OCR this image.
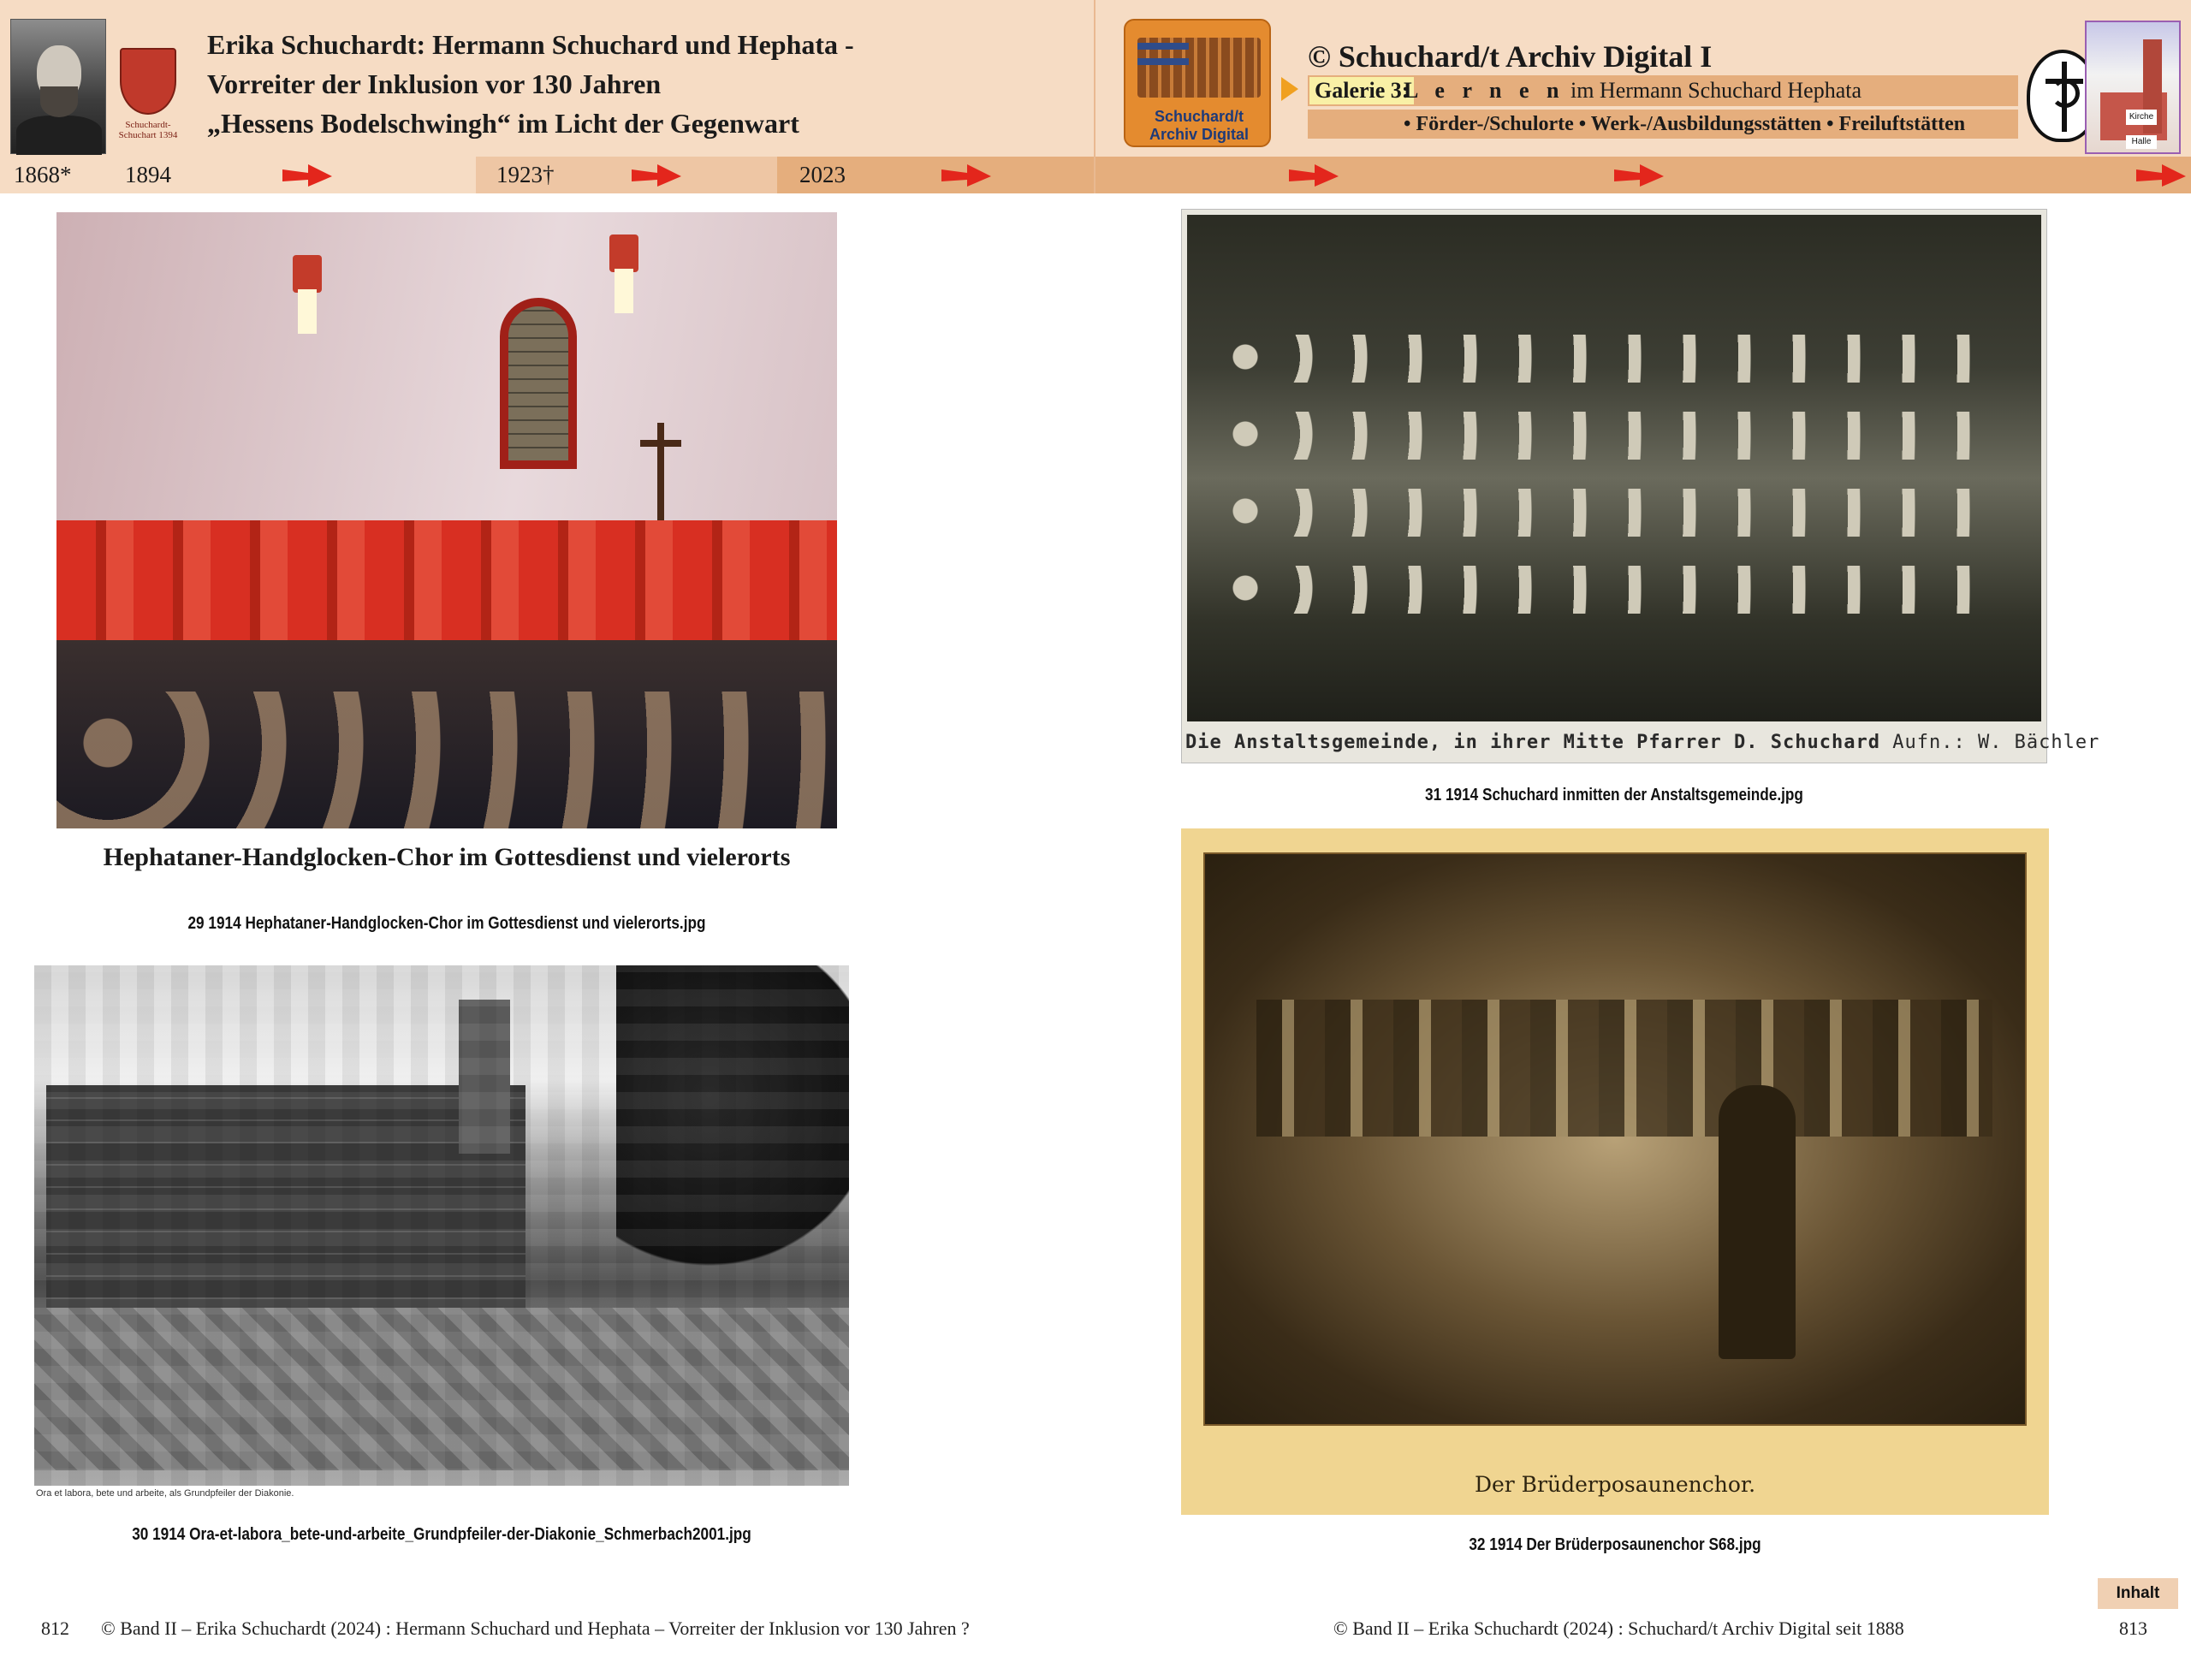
Schuchardt-Schuchart 1394
Erika Schuchardt: Hermann Schuchard und Hephata -
Vorreiter der Inklusion vor 130 Jahren
„Hessens Bodelschwingh“ im Licht der Gegenwart
1868* 1894	1923†	2023
Schuchard/t
Archiv Digital
© Schuchard/t Archiv Digital I
Galerie 3:
L e r n e n im Hermann Schuchard Hephata
• Förder-/Schulorte • Werk-/Ausbildungsstätten • Freiluftstätten	Kirche
Halle
Hephataner-Handglocken-Chor im Gottesdienst und vielerorts
29 1914 Hephataner-Handglocken-Chor im Gottesdienst und vielerorts.jpg
Ora et labora, bete und arbeite, als Grundpfeiler der Diakonie.
30 1914 Ora-et-labora_bete-und-arbeite_Grundpfeiler-der-Diakonie_Schmerbach2001.jpg
Die Anstaltsgemeinde, in ihrer Mitte Pfarrer D. Schuchard Aufn.: W. Bächler
31 1914 Schuchard inmitten der Anstaltsgemeinde.jpg
Der Brüderposaunenchor.
32 1914 Der Brüderposaunenchor S68.jpg
Inhalt
812 © Band II – Erika Schuchardt (2024) : Hermann Schuchard und Hephata – Vorreiter der Inklusion vor 130 Jahren ?	© Band II – Erika Schuchardt (2024) : Schuchard/t Archiv Digital seit 1888	813
